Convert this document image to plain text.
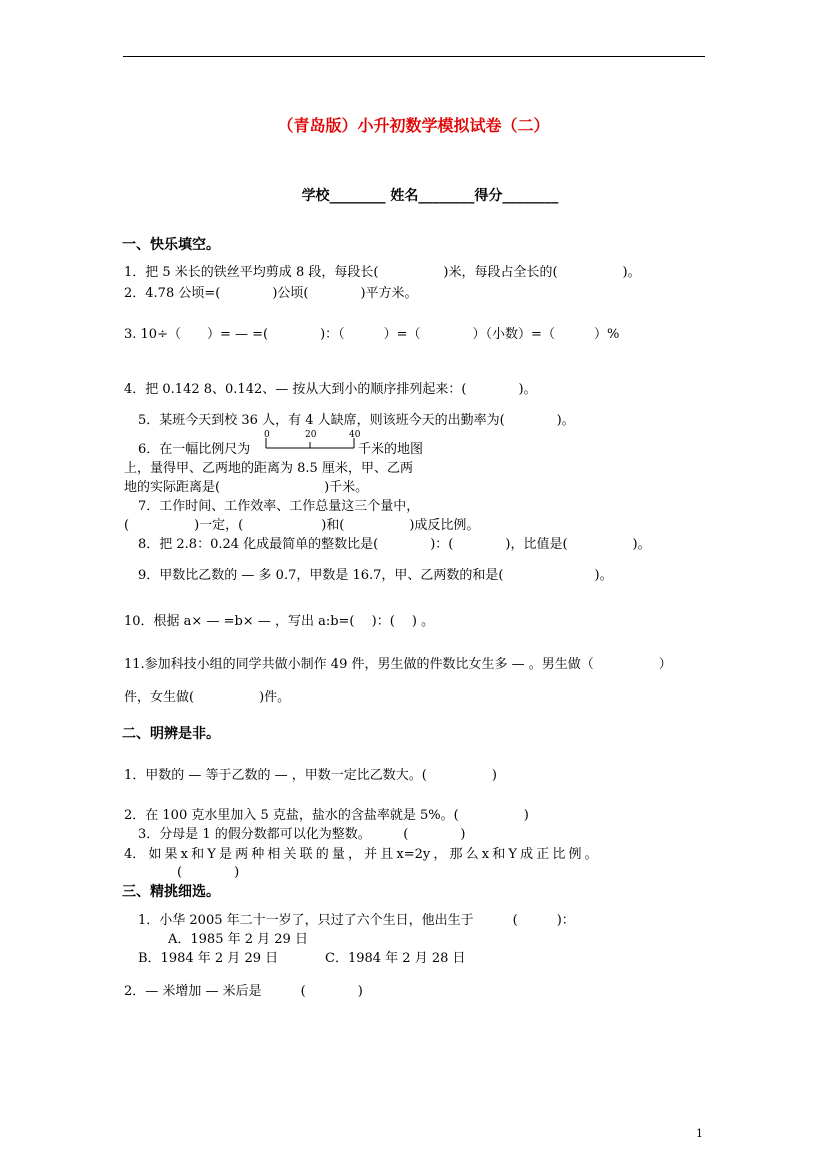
（青岛版）小升初数学模拟试卷（二）
学校________ 姓名________得分________
一、快乐填空。
1．把 5 米长的铁丝平均剪成 8 段，每段长(　　　　　)米，每段占全长的(　　　　　)。
2．4.78 公顷=(　　　　)公顷(　　　　)平方米。
3. 10÷（　　）= — =(　　　　)：（　　　）=（　　　　）（小数）=（　　　）%
4．把 0.142 8、0.142、— 按从大到小的顺序排列起来：(　　　　)。
5．某班今天到校 36 人，有 4 人缺席，则该班今天的出勤率为(　　　　)。
6．在一幅比例尺为
0	20	40
千米的地图
上，量得甲、乙两地的距离为 8.5 厘米，甲、乙两
地的实际距离是(　　　　　　　　)千米。
7．工作时间、工作效率、工作总量这三个量中，
(　　　　　)一定，(　　　　　　)和(　　　　　)成反比例。
8．把 2.8：0.24 化成最简单的整数比是(　　　　)：(　　　　)，比值是(　　　　　)。
9．甲数比乙数的 — 多 0.7，甲数是 16.7，甲、乙两数的和是(　　　　　　　)。
10．根据 a× — =b× — ，写出 a:b=(　 )：(　 ) 。
11.参加科技小组的同学共做小制作 49 件，男生做的件数比女生多 — 。男生做（　　　　　）
件，女生做(　　　　　)件。
二、明辨是非。
1．甲数的 — 等于乙数的 — ，甲数一定比乙数大。(　　　　　)
2．在 100 克水里加入 5 克盐，盐水的含盐率就是 5%。(　　　　　)
3．分母是 1 的假分数都可以化为整数。　　　(　　　　)
4． 如 果 x 和 Y 是 两 种 相 关 联 的 量 ， 并 且 x=2y ， 那 么 x 和 Y 成 正 比 例 。
(　　　　)
三、精挑细选。
1．小华 2005 年二十一岁了，只过了六个生日，他出生于　　　(　　　)：
A．1985 年 2 月 29 日
B．1984 年 2 月 29 日	C．1984 年 2 月 28 日
2．— 米增加 — 米后是　　　(　　　　)
1
